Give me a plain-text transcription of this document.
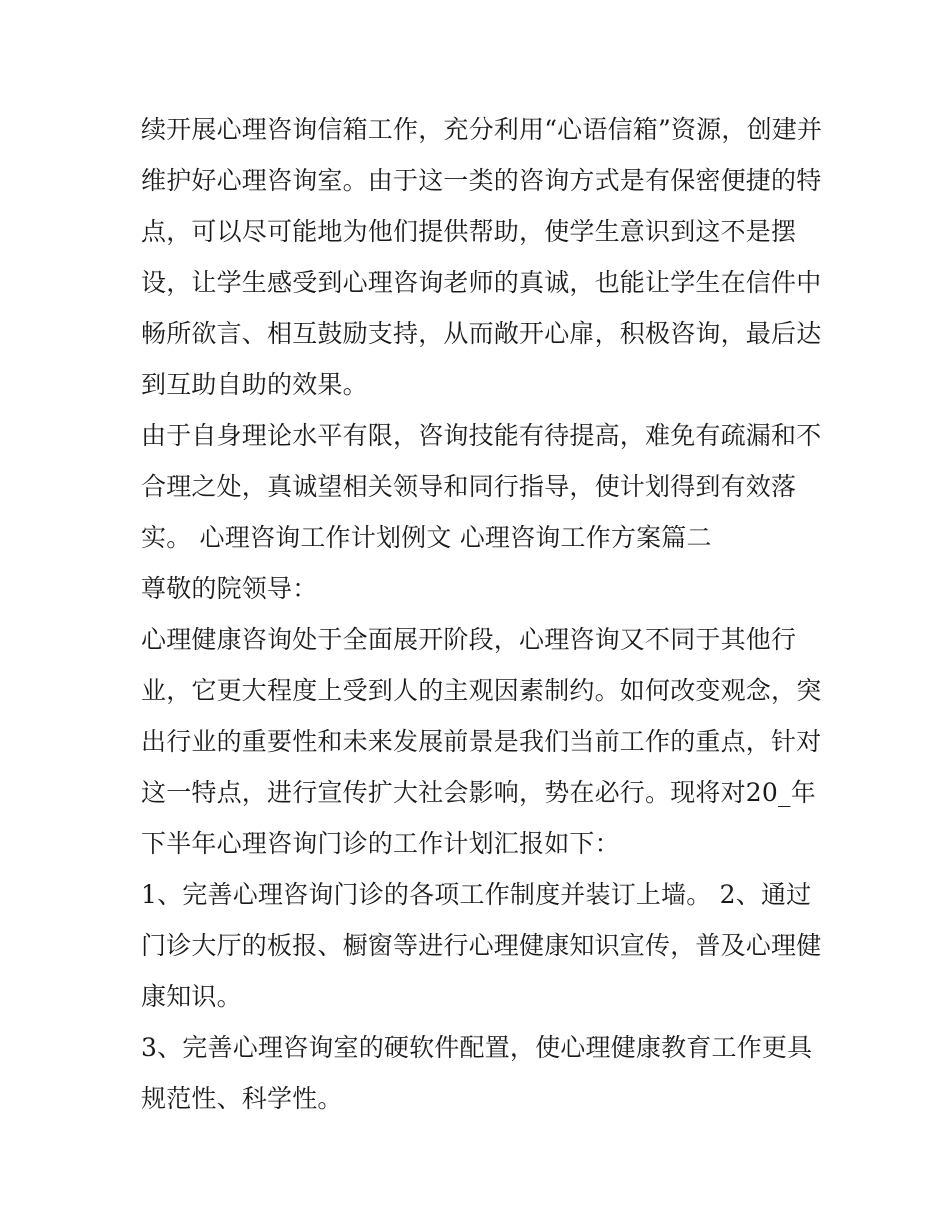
续开展心理咨询信箱工作，充分利用“心语信箱”资源，创建并
维护好心理咨询室。由于这一类的咨询方式是有保密便捷的特
点，可以尽可能地为他们提供帮助，使学生意识到这不是摆
设，让学生感受到心理咨询老师的真诚，也能让学生在信件中
畅所欲言、相互鼓励支持，从而敞开心扉，积极咨询，最后达
到互助自助的效果。
由于自身理论水平有限，咨询技能有待提高，难免有疏漏和不
合理之处，真诚望相关领导和同行指导，使计划得到有效落
实。 心理咨询工作计划例文 心理咨询工作方案篇二
尊敬的院领导：
心理健康咨询处于全面展开阶段，心理咨询又不同于其他行
业，它更大程度上受到人的主观因素制约。如何改变观念，突
出行业的重要性和未来发展前景是我们当前工作的重点，针对
这一特点，进行宣传扩大社会影响，势在必行。现将对20_年
下半年心理咨询门诊的工作计划汇报如下：
1、完善心理咨询门诊的各项工作制度并装订上墙。 2、通过
门诊大厅的板报、橱窗等进行心理健康知识宣传，普及心理健
康知识。
3、完善心理咨询室的硬软件配置，使心理健康教育工作更具
规范性、科学性。
